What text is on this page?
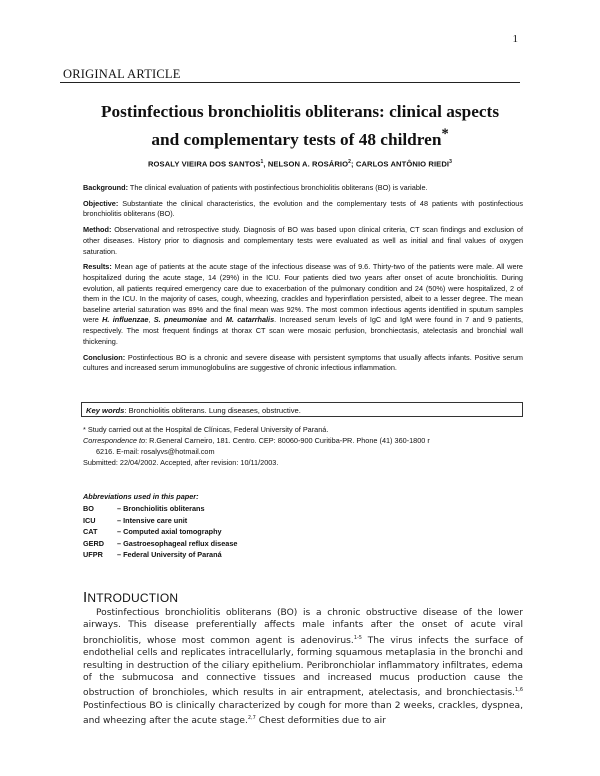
1
ORIGINAL ARTICLE
Postinfectious bronchiolitis obliterans: clinical aspects
and complementary tests of 48 children*
ROSALY VIEIRA DOS SANTOS$^1$, NELSON A. ROSÁRIO$^2$; CARLOS ANTÔNIO RIEDI$^3$

Background: The clinical evaluation of patients with postinfectious bronchiolitis obliterans (BO) is variable.

Objective: Substantiate the clinical characteristics, the evolution and the complementary tests of 48 patients with postinfectious bronchiolitis obliterans (BO).

Method: Observational and retrospective study. Diagnosis of BO was based upon clinical criteria, CT scan findings and exclusion of other diseases. History prior to diagnosis and complementary tests were evaluated as well as initial and final values of oxygen saturation.

Results: Mean age of patients at the acute stage of the infectious disease was of 9.6. Thirty-two of the patients were male. All were hospitalized during the acute stage, 14 (29%) in the ICU. Four patients died two years after onset of acute bronchiolitis. During evolution, all patients required emergency care due to exacerbation of the pulmonary condition and 24 (50%) were hospitalized, 2 of them in the ICU. In the majority of cases, cough, wheezing, crackles and hyperinflation persisted, albeit to a lesser degree. The mean baseline arterial saturation was 89% and the final mean was 92%. The most common infectious agents identified in sputum samples were H. influenzae, S. pneumoniae and M. catarrhalis. Increased serum levels of IgC and IgM were found in 7 and 9 patients, respectively. The most frequent findings at thorax CT scan were mosaic perfusion, bronchiectasis, atelectasis and bronchial wall thickening.

Conclusion: Postinfectious BO is a chronic and severe disease with persistent symptoms that usually affects infants. Positive serum cultures and increased serum immunoglobulins are suggestive of chronic infectious inflammation.

Key words: Bronchiolitis obliterans. Lung diseases, obstructive.

* Study carried out at the Hospital de Clínicas, Federal University of Paraná.

Correspondence to: R.General Carneiro, 181. Centro. CEP: 80060-900 Curitiba-PR. Phone (41) 360-1800 r

6216. E-mail: rosalyvs@hotmail.com

Submitted: 22/04/2002. Accepted, after revision: 10/11/2003.

Abbreviations used in this paper:
BO	– Bronchiolitis obliterans
ICU	– Intensive care unit
CAT	– Computed axial tomography
GERD	– Gastroesophageal reflux disease
UFPR	– Federal University of Paraná
INTRODUCTION

Postinfectious bronchiolitis obliterans (BO) is a chronic obstructive disease of the lower airways. This disease preferentially affects male infants after the onset of acute viral bronchiolitis, whose most common agent is adenovirus.$^{1-5}$ The virus infects the surface of endothelial cells and replicates intracellularly, forming squamous metaplasia in the bronchi and resulting in destruction of the ciliary epithelium. Peribronchiolar inflammatory infiltrates, edema of the submucosa and connective tissues and increased mucus production cause the obstruction of bronchioles, which results in air entrapment, atelectasis, and bronchiectasis.$^{1,6}$ Postinfectious BO is clinically characterized by cough for more than 2 weeks, crackles, dyspnea, and wheezing after the acute stage.$^{2,7}$ Chest deformities due to air
